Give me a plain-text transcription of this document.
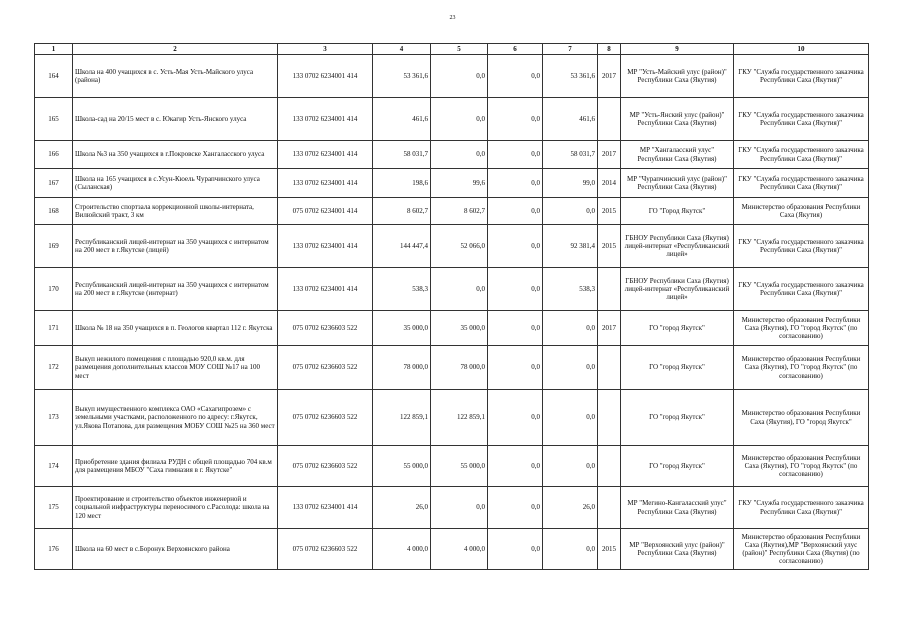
23
1	2	3	4	5	6	7	8	9	10
164	Школа на 400 учащихся в с. Усть-Мая Усть-Майского улуса (района)	133 0702 6234001 414	53 361,6	0,0	0,0	53 361,6	2017	МР "Усть-Майский улус (район)" Республики Саха (Якутия)	ГКУ "Служба государственного заказчика Республики Саха (Якутия)"
165	Школа-сад на 20/15 мест в с. Юкагир Усть-Янского улуса	133 0702 6234001 414	461,6	0,0	0,0	461,6		МР "Усть-Янский улус (район)" Республики Саха (Якутия)	ГКУ "Служба государственного заказчика Республики Саха (Якутия)"
166	Школа №3 на 350 учащихся в г.Покровске Хангаласского улуса	133 0702 6234001 414	58 031,7	0,0	0,0	58 031,7	2017	МР "Хангаласский улус" Республики Саха (Якутия)	ГКУ "Служба государственного заказчика Республики Саха (Якутия)"
167	Школа на 165 учащихся в с.Усун-Кюель Чурапчинского улуса (Сыланская)	133 0702 6234001 414	198,6	99,6	0,0	99,0	2014	МР "Чурапчинский улус (район)" Республики Саха (Якутия)	ГКУ "Служба государственного заказчика Республики Саха (Якутия)"
168	Строительство спортзала коррекционной школы-интерната, Вилюйский тракт, 3 км	075 0702 6234001 414	8 602,7	8 602,7	0,0	0,0	2015	ГО "Город Якутск"	Министерство образования Республики Саха (Якутия)
169	Республиканский лицей-интернат на 350 учащихся с интернатом на 200 мест в г.Якутске (лицей)	133 0702 6234001 414	144 447,4	52 066,0	0,0	92 381,4	2015	ГБНОУ Республики Саха (Якутия) лицей-интернат «Республиканский лицей»	ГКУ "Служба государственного заказчика Республики Саха (Якутия)"
170	Республиканский лицей-интернат на 350 учащихся с интернатом на 200 мест в г.Якутске (интернат)	133 0702 6234001 414	538,3	0,0	0,0	538,3		ГБНОУ Республики Саха (Якутия) лицей-интернат «Республиканский лицей»	ГКУ "Служба государственного заказчика Республики Саха (Якутия)"
171	Школа № 18 на 350 учащихся в п. Геологов квартал 112 г. Якутска	075 0702 6236603 522	35 000,0	35 000,0	0,0	0,0	2017	ГО "город Якутск"	Министерство образования Республики Саха (Якутия), ГО "город Якутск" (по согласованию)
172	Выкуп нежилого помещения с площадью 920,0 кв.м. для размещения дополнительных классов МОУ СОШ №17 на 100 мест	075 0702 6236603 522	78 000,0	78 000,0	0,0	0,0		ГО "город Якутск"	Министерство образования Республики Саха (Якутия), ГО "город Якутск" (по согласованию)
173	Выкуп имущественного комплекса ОАО «Сахагипрозем» с земельными участками, расположенного по адресу: г.Якутск, ул.Якова Потапова, для размещения МОБУ СОШ №25 на 360 мест	075 0702 6236603 522	122 859,1	122 859,1	0,0	0,0		ГО "город Якутск"	Министерство образования Республики Саха (Якутия), ГО "город Якутск"
174	Приобретение здания филиала РУДН с общей площадью 704 кв.м для размещения МБОУ "Саха гимназия в г. Якутске"	075 0702 6236603 522	55 000,0	55 000,0	0,0	0,0		ГО "город Якутск"	Министерство образования Республики Саха (Якутия), ГО "город Якутск" (по согласованию)
175	Проектирование и строительство объектов инженерной и социальной инфраструктуры переносимого с.Расолода: школа на 120 мест	133 0702 6234001 414	26,0	0,0	0,0	26,0		МР "Мегино-Кангаласский улус" Республики Саха (Якутия)	ГКУ "Служба государственного заказчика Республики Саха (Якутия)"
176	Школа на 60 мест в с.Боронук Верхоянского района	075 0702 6236603 522	4 000,0	4 000,0	0,0	0,0	2015	МР "Верхоянский улус (район)" Республики Саха (Якутия)	Министерство образования Республики Саха (Якутия),МР "Верхоянский улус (район)" Республики Саха (Якутия) (по согласованию)
